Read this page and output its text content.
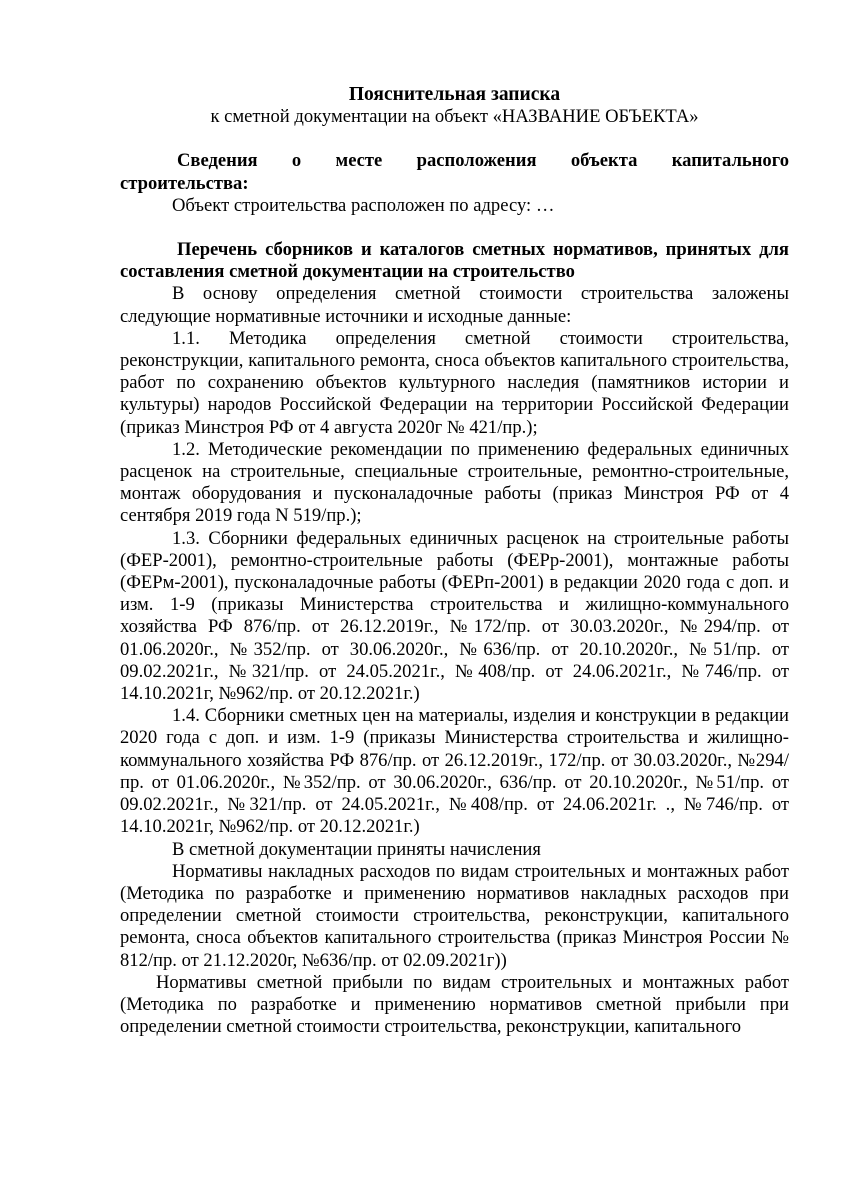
Пояснительная записка
к сметной документации на объект «НАЗВАНИЕ ОБЪЕКТА»
Сведения о месте расположения объекта капитального строительства:
Объект строительства расположен по адресу: …
Перечень сборников и каталогов сметных нормативов, принятых для составления сметной документации на строительство
В основу определения сметной стоимости строительства заложены следующие нормативные источники и исходные данные:
1.1. Методика определения сметной стоимости строительства, реконструкции, капитального ремонта, сноса объектов капитального строительства, работ по сохранению объектов культурного наследия (памятников истории и культуры) народов Российской Федерации на территории Российской Федерации (приказ Минстроя РФ от 4 августа 2020г № 421/пр.);
1.2. Методические рекомендации по применению федеральных единичных расценок на строительные, специальные строительные, ремонтно-строительные, монтаж оборудования и пусконаладочные работы (приказ Минстроя РФ от 4 сентября 2019 года N 519/пр.);
1.3. Сборники федеральных единичных расценок на строительные работы (ФЕР-2001), ремонтно-строительные работы (ФЕРр-2001), монтажные работы (ФЕРм-2001), пусконаладочные работы (ФЕРп-2001) в редакции 2020 года с доп. и изм. 1-9 (приказы Министерства строительства и жилищно-коммунального хозяйства РФ 876/пр. от 26.12.2019г., №172/пр. от 30.03.2020г., №294/пр. от 01.06.2020г., №352/пр. от 30.06.2020г., №636/пр. от 20.10.2020г., №51/пр. от 09.02.2021г., №321/пр. от 24.05.2021г., №408/пр. от 24.06.2021г., №746/пр. от 14.10.2021г, №962/пр. от 20.12.2021г.)
1.4. Сборники сметных цен на материалы, изделия и конструкции в редакции 2020 года с доп. и изм. 1-9 (приказы Министерства строительства и жилищно-коммунального хозяйства РФ 876/пр. от 26.12.2019г., 172/пр. от 30.03.2020г., №294/пр. от 01.06.2020г., №352/пр. от 30.06.2020г., 636/пр. от 20.10.2020г., №51/пр. от 09.02.2021г., №321/пр. от 24.05.2021г., №408/пр. от 24.06.2021г. ., №746/пр. от 14.10.2021г, №962/пр. от 20.12.2021г.)
В сметной документации приняты начисления
Нормативы накладных расходов по видам строительных и монтажных работ (Методика по разработке и применению нормативов накладных расходов при определении сметной стоимости строительства, реконструкции, капитального ремонта, сноса объектов капитального строительства (приказ Минстроя России № 812/пр. от 21.12.2020г, №636/пр. от 02.09.2021г))
Нормативы сметной прибыли по видам строительных и монтажных работ (Методика по разработке и применению нормативов сметной прибыли при определении сметной стоимости строительства, реконструкции, капитального
